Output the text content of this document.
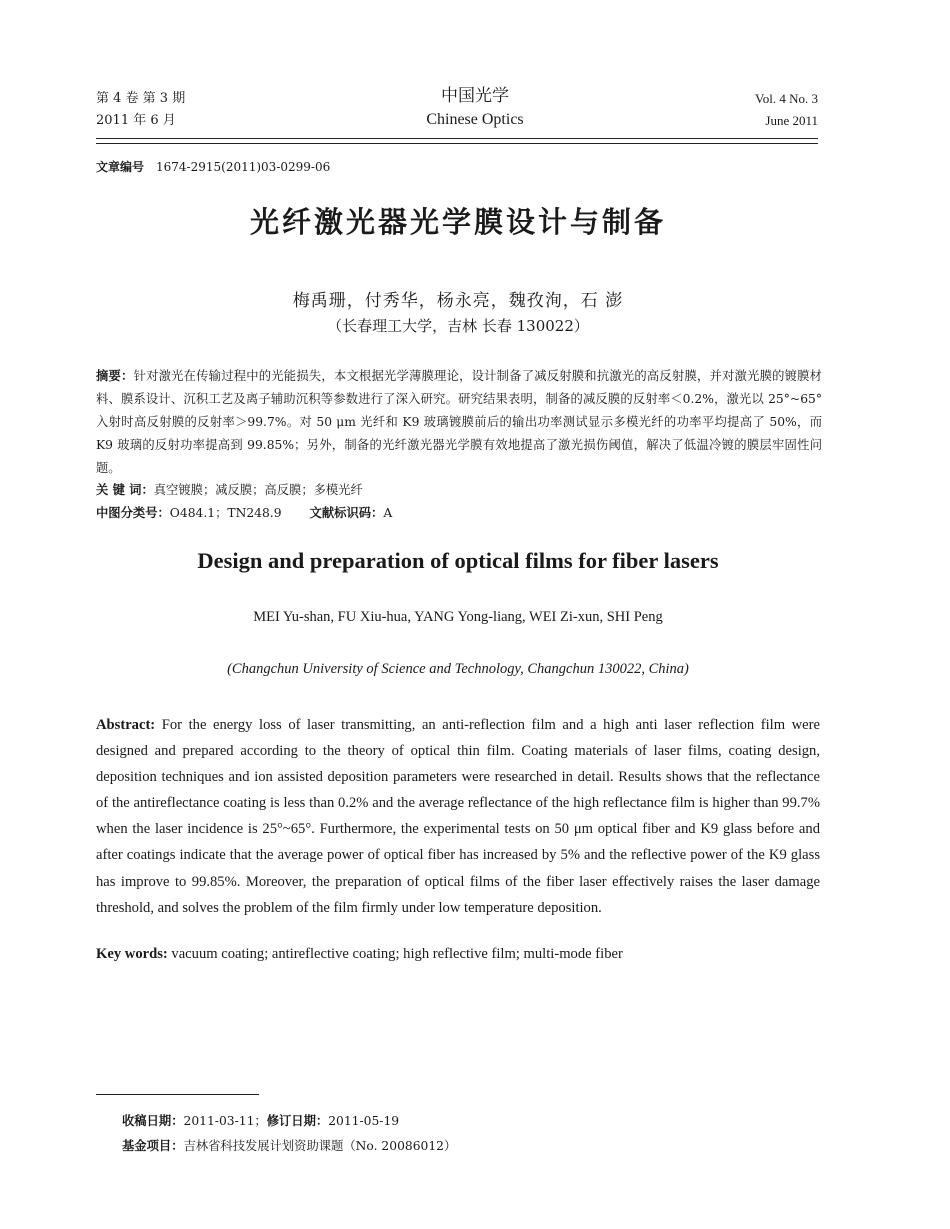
第 4 卷 第 3 期
2011 年 6 月
中国光学
Chinese Optics
Vol. 4 No. 3
June 2011
文章编号 1674-2915(2011)03-0299-06
光纤激光器光学膜设计与制备
梅禹珊，付秀华，杨永亮，魏孜洵，石 澎
（长春理工大学，吉林 长春 130022）
摘要：针对激光在传输过程中的光能损失，本文根据光学薄膜理论，设计制备了减反射膜和抗激光的高反射膜，并对激光膜的镀膜材料、膜系设计、沉积工艺及离子辅助沉积等参数进行了深入研究。研究结果表明，制备的减反膜的反射率＜0.2%，激光以 25°~65°入射时高反射膜的反射率＞99.7%。对 50 μm 光纤和 K9 玻璃镀膜前后的输出功率测试显示多模光纤的功率平均提高了 50%，而 K9 玻璃的反射功率提高到 99.85%；另外，制备的光纤激光器光学膜有效地提高了激光损伤阈值，解决了低温冷镀的膜层牢固性问题。
关 键 词：真空镀膜；减反膜；高反膜；多模光纤
中图分类号：O484.1；TN248.9 文献标识码：A
Design and preparation of optical films for fiber lasers
MEI Yu-shan, FU Xiu-hua, YANG Yong-liang, WEI Zi-xun, SHI Peng
(Changchun University of Science and Technology, Changchun 130022, China)
Abstract: For the energy loss of laser transmitting, an anti-reflection film and a high anti laser reflection film were designed and prepared according to the theory of optical thin film. Coating materials of laser films, coating design, deposition techniques and ion assisted deposition parameters were researched in detail. Results shows that the reflectance of the antireflectance coating is less than 0.2% and the average reflectance of the high reflectance film is higher than 99.7% when the laser incidence is 25°~65°. Furthermore, the experimental tests on 50 μm optical fiber and K9 glass before and after coatings indicate that the average power of optical fiber has increased by 5% and the reflective power of the K9 glass has improve to 99.85%. Moreover, the preparation of optical films of the fiber laser effectively raises the laser damage threshold, and solves the problem of the film firmly under low temperature deposition.
Key words: vacuum coating; antireflective coating; high reflective film; multi-mode fiber
收稿日期：2011-03-11；修订日期：2011-05-19
基金项目：吉林省科技发展计划资助课题（No. 20086012）
